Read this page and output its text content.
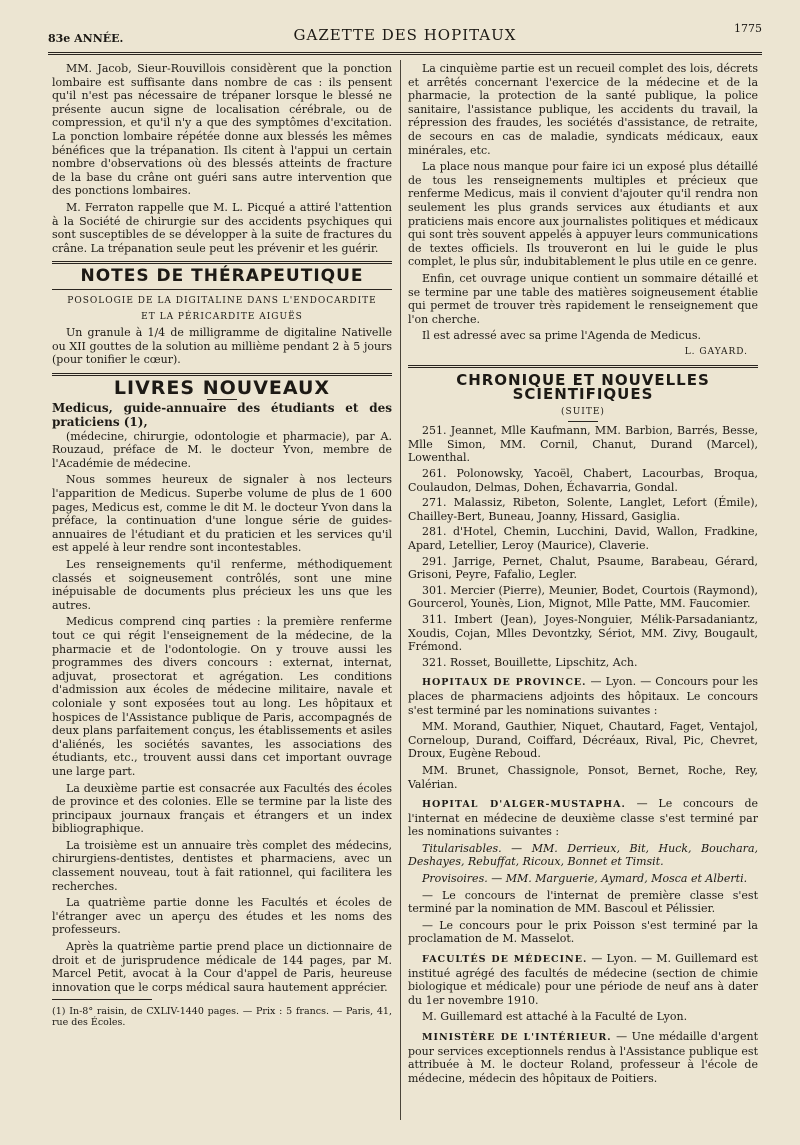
83e ANNÉE.	GAZETTE DES HOPITAUX	1775

MM. Jacob, Sieur-Rouvillois considèrent que la ponction lombaire est suffisante dans nombre de cas : ils pensent qu'il n'est pas nécessaire de trépaner lorsque le blessé ne présente aucun signe de localisation cérébrale, ou de compression, et qu'il n'y a que des symptômes d'excitation. La ponction lombaire répétée donne aux blessés les mêmes bénéfices que la trépanation. Ils citent à l'appui un certain nombre d'observations où des blessés atteints de fracture de la base du crâne ont guéri sans autre intervention que des ponctions lombaires.

M. Ferraton rappelle que M. L. Picqué a attiré l'attention à la Société de chirurgie sur des accidents psychiques qui sont susceptibles de se développer à la suite de fractures du crâne. La trépanation seule peut les prévenir et les guérir.

NOTES DE THÉRAPEUTIQUE
POSOLOGIE DE LA DIGITALINE DANS L'ENDOCARDITE
ET LA PÉRICARDITE AIGUËS

Un granule à 1/4 de milligramme de digitaline Nativelle ou XII gouttes de la solution au millième pendant 2 à 5 jours (pour tonifier le cœur).

LIVRES NOUVEAUX
Medicus, guide-annuaire des étudiants et des praticiens (1),

(médecine, chirurgie, odontologie et pharmacie), par A. Rouzaud, préface de M. le docteur Yvon, membre de l'Académie de médecine.

Nous sommes heureux de signaler à nos lecteurs l'apparition de Medicus. Superbe volume de plus de 1 600 pages, Medicus est, comme le dit M. le docteur Yvon dans la préface, la continuation d'une longue série de guides-annuaires de l'étudiant et du praticien et les services qu'il est appelé à leur rendre sont incontestables.

Les renseignements qu'il renferme, méthodiquement classés et soigneusement contrôlés, sont une mine inépuisable de documents plus précieux les uns que les autres.

Medicus comprend cinq parties : la première renferme tout ce qui régit l'enseignement de la médecine, de la pharmacie et de l'odontologie. On y trouve aussi les programmes des divers concours : externat, internat, adjuvat, prosectorat et agrégation. Les conditions d'admission aux écoles de médecine militaire, navale et coloniale y sont exposées tout au long. Les hôpitaux et hospices de l'Assistance publique de Paris, accompagnés de deux plans parfaitement conçus, les établissements et asiles d'aliénés, les sociétés savantes, les associations des étudiants, etc., trouvent aussi dans cet important ouvrage une large part.

La deuxième partie est consacrée aux Facultés des écoles de province et des colonies. Elle se termine par la liste des principaux journaux français et étrangers et un index bibliographique.

La troisième est un annuaire très complet des médecins, chirurgiens-dentistes, dentistes et pharmaciens, avec un classement nouveau, tout à fait rationnel, qui facilitera les recherches.

La quatrième partie donne les Facultés et écoles de l'étranger avec un aperçu des études et les noms des professeurs.

Après la quatrième partie prend place un dictionnaire de droit et de jurisprudence médicale de 144 pages, par M. Marcel Petit, avocat à la Cour d'appel de Paris, heureuse innovation que le corps médical saura hautement apprécier.

(1) In-8° raisin, de CXLIV-1440 pages. — Prix : 5 francs. — Paris, 41, rue des Écoles.

La cinquième partie est un recueil complet des lois, décrets et arrêtés concernant l'exercice de la médecine et de la pharmacie, la protection de la santé publique, la police sanitaire, l'assistance publique, les accidents du travail, la répression des fraudes, les sociétés d'assistance, de retraite, de secours en cas de maladie, syndicats médicaux, eaux minérales, etc.

La place nous manque pour faire ici un exposé plus détaillé de tous les renseignements multiples et précieux que renferme Medicus, mais il convient d'ajouter qu'il rendra non seulement les plus grands services aux étudiants et aux praticiens mais encore aux journalistes politiques et médicaux qui sont très souvent appelés à appuyer leurs communications de textes officiels. Ils trouveront en lui le guide le plus complet, le plus sûr, indubitablement le plus utile en ce genre.

Enfin, cet ouvrage unique contient un sommaire détaillé et se termine par une table des matières soigneusement établie qui permet de trouver très rapidement le renseignement que l'on cherche.

Il est adressé avec sa prime l'Agenda de Medicus.

L. GAYARD.
CHRONIQUE ET NOUVELLES SCIENTIFIQUES
(SUITE)

251. Jeannet, Mlle Kaufmann, MM. Barbion, Barrés, Besse, Mlle Simon, MM. Cornil, Chanut, Durand (Marcel), Lowenthal.

261. Polonowsky, Yacoël, Chabert, Lacourbas, Broqua, Coulaudon, Delmas, Dohen, Échavarria, Gondal.

271. Malassiz, Ribeton, Solente, Langlet, Lefort (Émile), Chailley-Bert, Buneau, Joanny, Hissard, Gasiglia.

281. d'Hotel, Chemin, Lucchini, David, Wallon, Fradkine, Apard, Letellier, Leroy (Maurice), Claverie.

291. Jarrige, Pernet, Chalut, Psaume, Barabeau, Gérard, Grisoni, Peyre, Fafalio, Legler.

301. Mercier (Pierre), Meunier, Bodet, Courtois (Raymond), Gourcerol, Younès, Lion, Mignot, Mlle Patte, MM. Faucomier.

311. Imbert (Jean), Joyes-Nonguier, Mélik-Parsadaniantz, Xoudis, Cojan, Mlles Devontzky, Sériot, MM. Zivy, Bougault, Frémond.

321. Rosset, Bouillette, Lipschitz, Ach.

HOPITAUX DE PROVINCE. — Lyon. — Concours pour les places de pharmaciens adjoints des hôpitaux. Le concours s'est terminé par les nominations suivantes :

MM. Morand, Gauthier, Niquet, Chautard, Faget, Ventajol, Corneloup, Durand, Coiffard, Décréaux, Rival, Pic, Chevret, Droux, Eugène Reboud.

MM. Brunet, Chassignole, Ponsot, Bernet, Roche, Rey, Valérian.

HOPITAL D'ALGER-MUSTAPHA. — Le concours de l'internat en médecine de deuxième classe s'est terminé par les nominations suivantes :

Titularisables. — MM. Derrieux, Bit, Huck, Bouchara, Deshayes, Rebuffat, Ricoux, Bonnet et Timsit.

Provisoires. — MM. Marguerie, Aymard, Mosca et Alberti.

— Le concours de l'internat de première classe s'est terminé par la nomination de MM. Bascoul et Pélissier.

— Le concours pour le prix Poisson s'est terminé par la proclamation de M. Masselot.

FACULTÉS DE MÉDECINE. — Lyon. — M. Guillemard est institué agrégé des facultés de médecine (section de chimie biologique et médicale) pour une période de neuf ans à dater du 1er novembre 1910.

M. Guillemard est attaché à la Faculté de Lyon.

MINISTÈRE DE L'INTÉRIEUR. — Une médaille d'argent pour services exceptionnels rendus à l'Assistance publique est attribuée à M. le docteur Roland, professeur à l'école de médecine, médecin des hôpitaux de Poitiers.
